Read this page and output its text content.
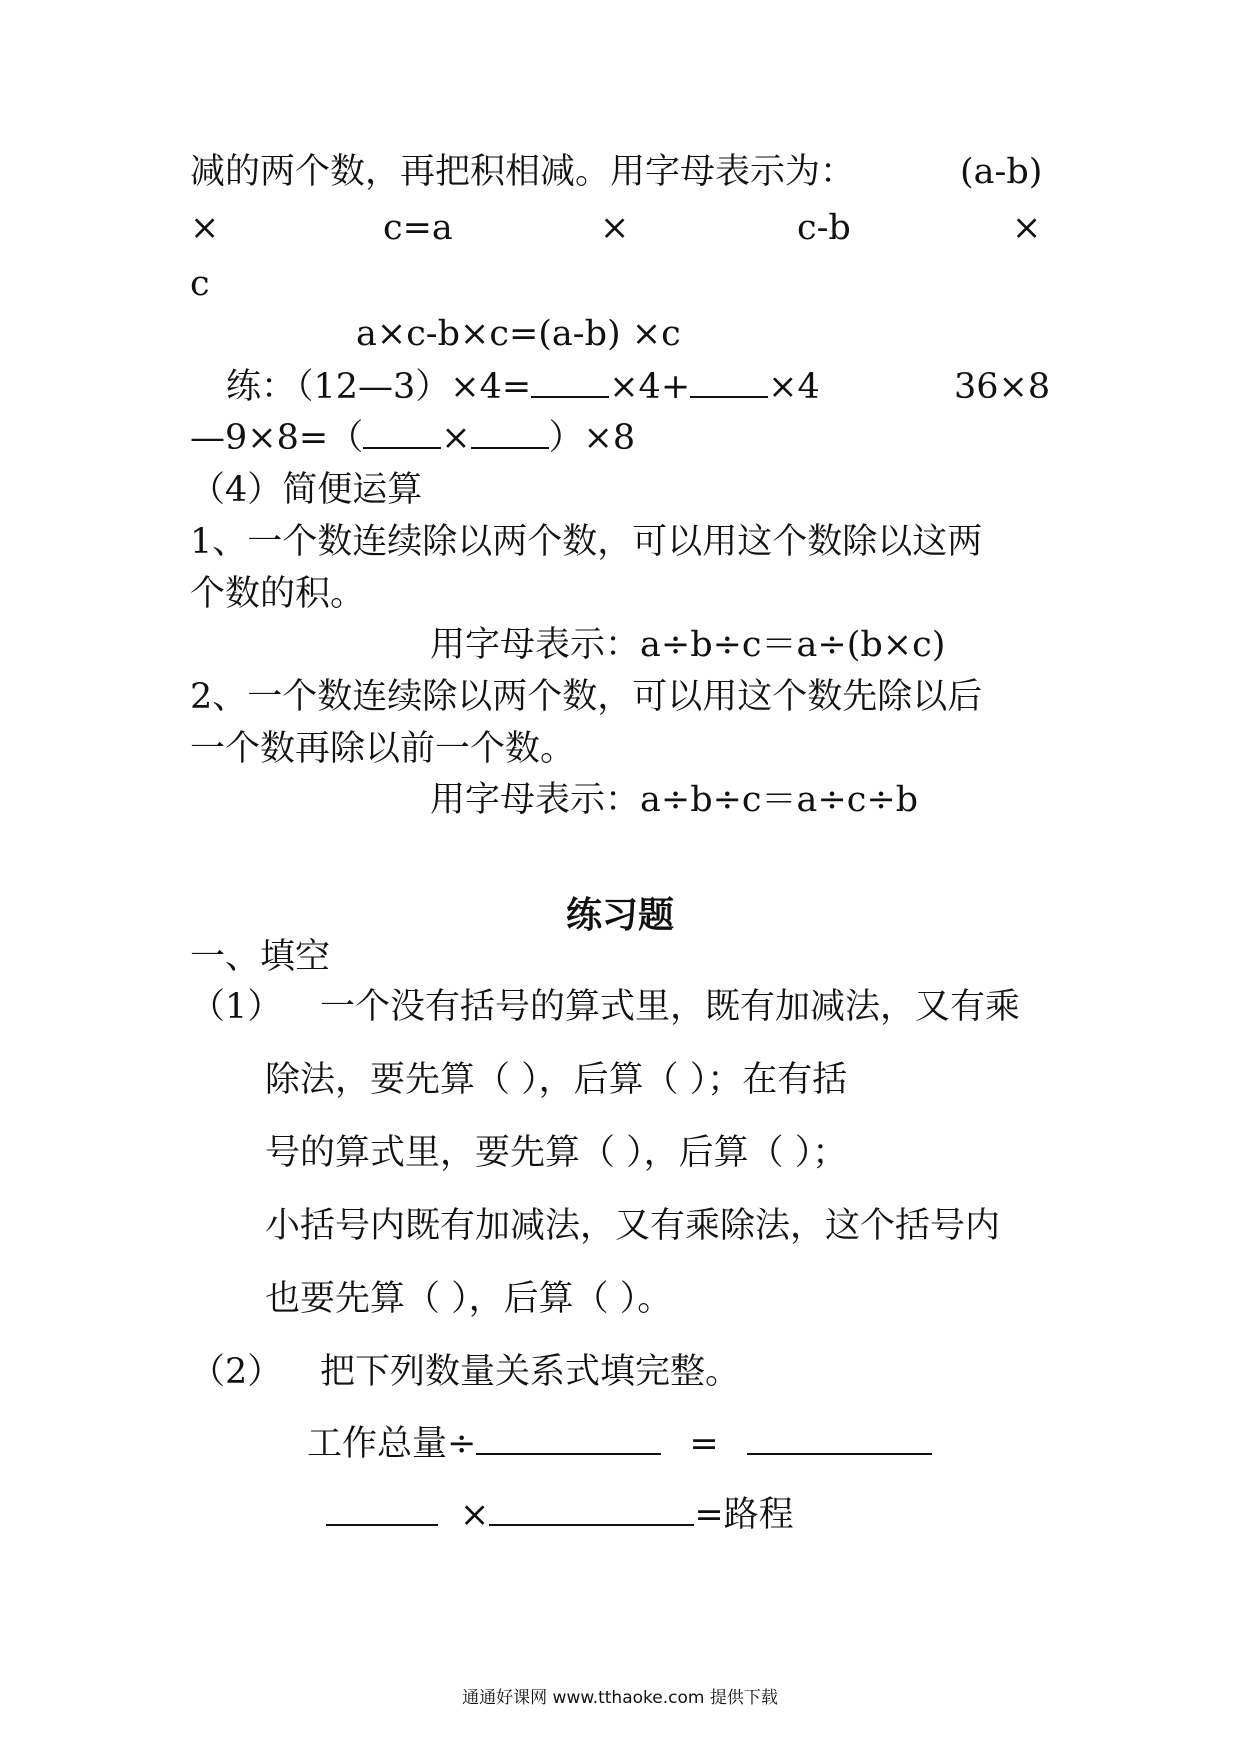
减的两个数，再把积相减。用字母表示为：	(a-b)
×	c=a	×	c-b	×
c
a×c-b×c=(a-b) ×c
练：（12—3）×4= ×4+ ×4	36×8
—9×8=（ × ）×8
（4）简便运算
1、一个数连续除以两个数，可以用这个数除以这两
个数的积。
用字母表示：a÷b÷c＝a÷(b×c)
2、一个数连续除以两个数，可以用这个数先除以后
一个数再除以前一个数。
用字母表示：a÷b÷c＝a÷c÷b
练习题
一、填空
（1） 一个没有括号的算式里，既有加减法，又有乘
除法，要先算（ ），后算（ ）；在有括
号的算式里，要先算（ ），后算（ ）；
小括号内既有加减法，又有乘除法，这个括号内
也要先算（ ），后算（ ）。
（2） 把下列数量关系式填完整。
工作总量÷	=
×	=路程
通通好课网 www.tthaoke.com 提供下载
